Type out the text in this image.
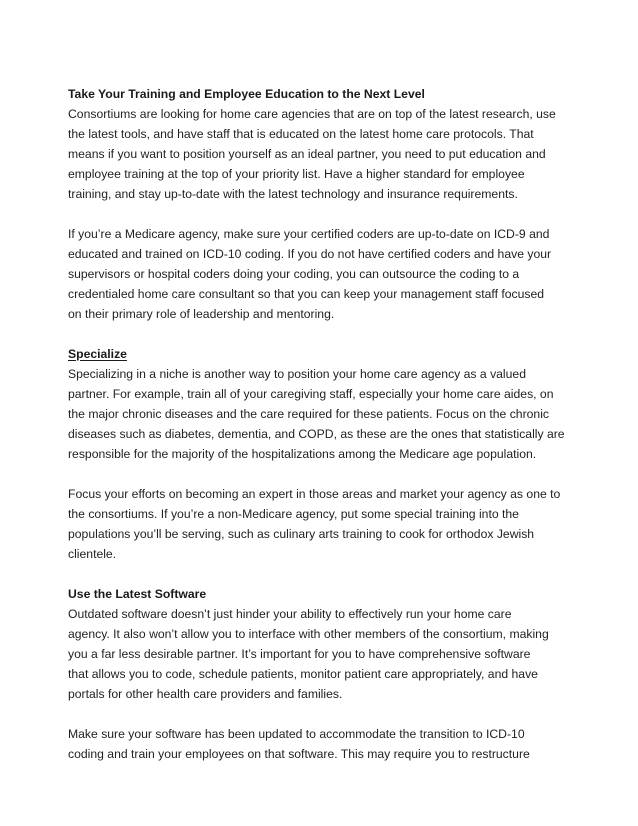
Take Your Training and Employee Education to the Next Level

Consortiums are looking for home care agencies that are on top of the latest research, use
the latest tools, and have staff that is educated on the latest home care protocols. That
means if you want to position yourself as an ideal partner, you need to put education and
employee training at the top of your priority list. Have a higher standard for employee
training, and stay up-to-date with the latest technology and insurance requirements.

If you’re a Medicare agency, make sure your certified coders are up-to-date on ICD-9 and
educated and trained on ICD-10 coding. If you do not have certified coders and have your
supervisors or hospital coders doing your coding, you can outsource the coding to a
credentialed home care consultant so that you can keep your management staff focused
on their primary role of leadership and mentoring.

Specialize

Specializing in a niche is another way to position your home care agency as a valued
partner. For example, train all of your caregiving staff, especially your home care aides, on
the major chronic diseases and the care required for these patients. Focus on the chronic
diseases such as diabetes, dementia, and COPD, as these are the ones that statistically are
responsible for the majority of the hospitalizations among the Medicare age population.

Focus your efforts on becoming an expert in those areas and market your agency as one to
the consortiums. If you’re a non-Medicare agency, put some special training into the
populations you’ll be serving, such as culinary arts training to cook for orthodox Jewish
clientele.

Use the Latest Software

Outdated software doesn’t just hinder your ability to effectively run your home care
agency. It also won’t allow you to interface with other members of the consortium, making
you a far less desirable partner. It’s important for you to have comprehensive software
that allows you to code, schedule patients, monitor patient care appropriately, and have
portals for other health care providers and families.

Make sure your software has been updated to accommodate the transition to ICD-10
coding and train your employees on that software. This may require you to restructure
